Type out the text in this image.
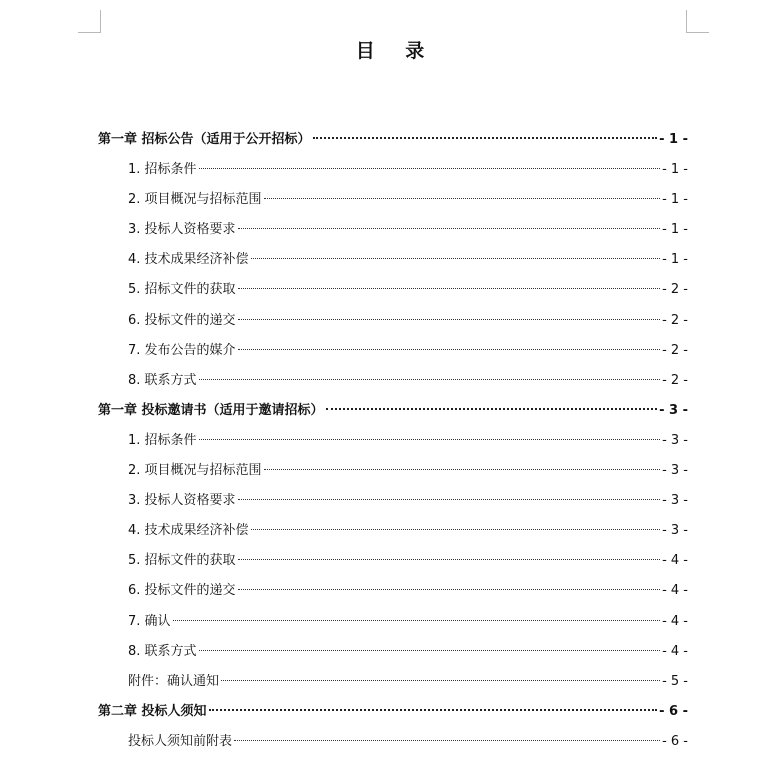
目 录
第一章 招标公告（适用于公开招标）	- 1 -
1. 招标条件	- 1 -
2. 项目概况与招标范围	- 1 -
3. 投标人资格要求	- 1 -
4. 技术成果经济补偿	- 1 -
5. 招标文件的获取	- 2 -
6. 投标文件的递交	- 2 -
7. 发布公告的媒介	- 2 -
8. 联系方式	- 2 -
第一章 投标邀请书（适用于邀请招标）	- 3 -
1. 招标条件	- 3 -
2. 项目概况与招标范围	- 3 -
3. 投标人资格要求	- 3 -
4. 技术成果经济补偿	- 3 -
5. 招标文件的获取	- 4 -
6. 投标文件的递交	- 4 -
7. 确认	- 4 -
8. 联系方式	- 4 -
附件：确认通知	- 5 -
第二章 投标人须知	- 6 -
投标人须知前附表	- 6 -
